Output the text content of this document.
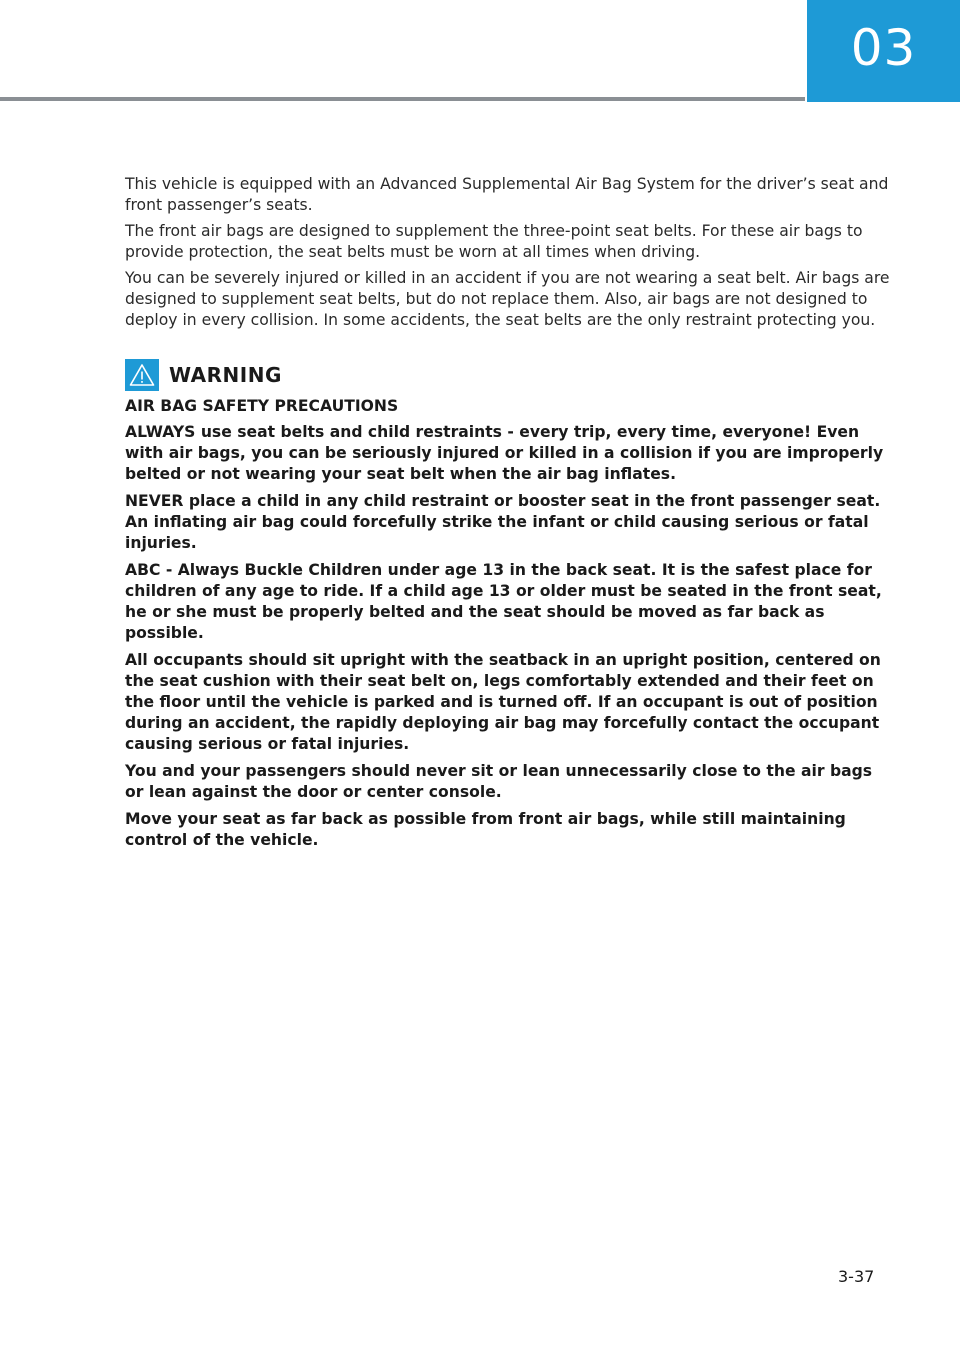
03

This vehicle is equipped with an Advanced Supplemental Air Bag System for the driver’s seat and front passenger’s seats.

The front air bags are designed to supplement the three-point seat belts. For these air bags to provide protection, the seat belts must be worn at all times when driving.

You can be severely injured or killed in an accident if you are not wearing a seat belt. Air bags are designed to supplement seat belts, but do not replace them. Also, air bags are not designed to deploy in every collision. In some accidents, the seat belts are the only restraint protecting you.

WARNING

AIR BAG SAFETY PRECAUTIONS

ALWAYS use seat belts and child restraints - every trip, every time, everyone! Even with air bags, you can be seriously injured or killed in a collision if you are improperly belted or not wearing your seat belt when the air bag inflates.

NEVER place a child in any child restraint or booster seat in the front passenger seat. An inflating air bag could forcefully strike the infant or child causing serious or fatal injuries.

ABC - Always Buckle Children under age 13 in the back seat. It is the safest place for children of any age to ride. If a child age 13 or older must be seated in the front seat, he or she must be properly belted and the seat should be moved as far back as possible.

All occupants should sit upright with the seatback in an upright position, centered on the seat cushion with their seat belt on, legs comfortably extended and their feet on the floor until the vehicle is parked and is turned off. If an occupant is out of position during an accident, the rapidly deploying air bag may forcefully contact the occupant causing serious or fatal injuries.

You and your passengers should never sit or lean unnecessarily close to the air bags or lean against the door or center console.

Move your seat as far back as possible from front air bags, while still maintaining control of the vehicle.

3-37
